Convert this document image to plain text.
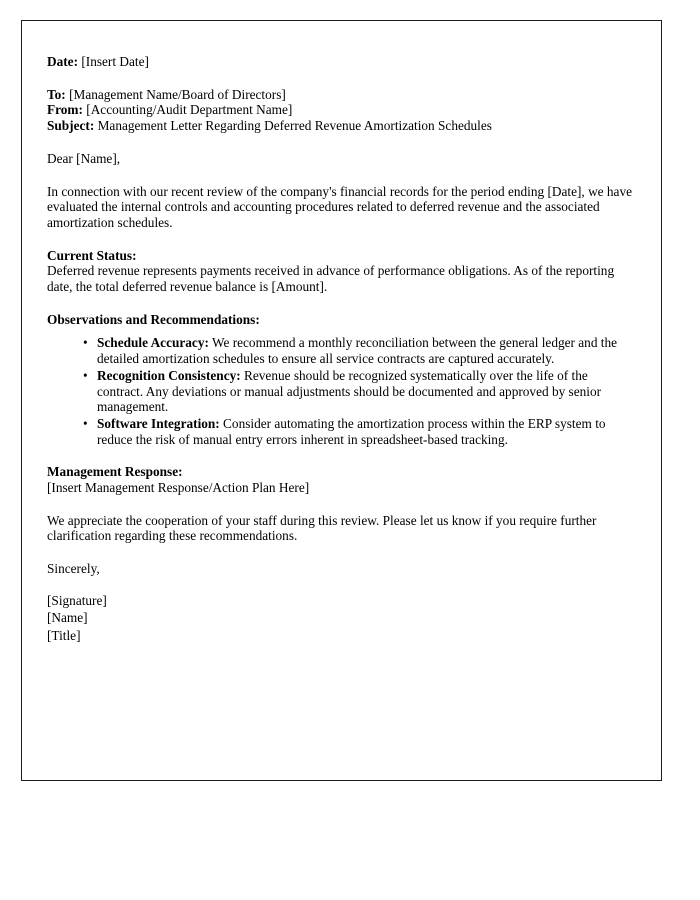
Date: [Insert Date]
To: [Management Name/Board of Directors]
From: [Accounting/Audit Department Name]
Subject: Management Letter Regarding Deferred Revenue Amortization Schedules

Dear [Name],

In connection with our recent review of the company's financial records for the period ending [Date], we have evaluated the internal controls and accounting procedures related to deferred revenue and the associated amortization schedules.

Current Status:

Deferred revenue represents payments received in advance of performance obligations. As of the reporting date, the total deferred revenue balance is [Amount].

Observations and Recommendations:

• Schedule Accuracy: We recommend a monthly reconciliation between the general ledger and the detailed amortization schedules to ensure all service contracts are captured accurately.
• Recognition Consistency: Revenue should be recognized systematically over the life of the contract. Any deviations or manual adjustments should be documented and approved by senior management.
• Software Integration: Consider automating the amortization process within the ERP system to reduce the risk of manual entry errors inherent in spreadsheet-based tracking.

Management Response:

[Insert Management Response/Action Plan Here]

We appreciate the cooperation of your staff during this review. Please let us know if you require further clarification regarding these recommendations.

Sincerely,

[Signature]

[Name]

[Title]
